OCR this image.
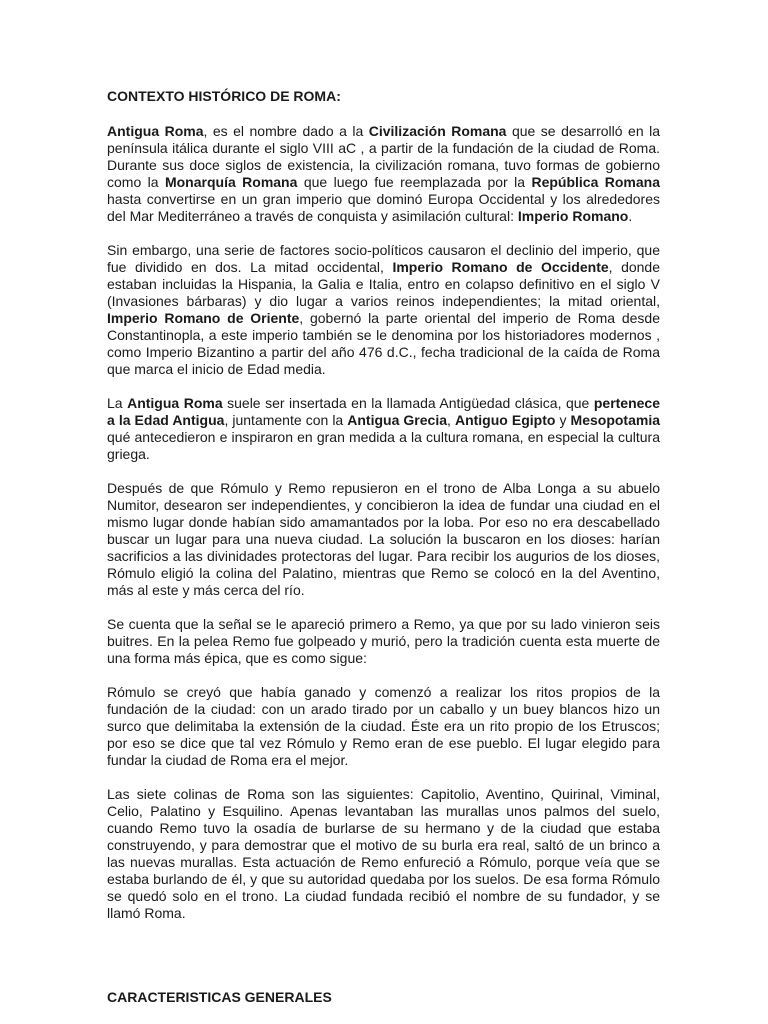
CONTEXTO HISTÓRICO DE ROMA:

Antigua Roma, es el nombre dado a la Civilización Romana que se desarrolló en la península itálica durante el siglo VIII aC , a partir de la fundación de la ciudad de Roma. Durante sus doce siglos de existencia, la civilización romana, tuvo formas de gobierno como la Monarquía Romana que luego fue reemplazada por la República Romana hasta convertirse en un gran imperio que dominó Europa Occidental y los alrededores del Mar Mediterráneo a través de conquista y asimilación cultural: Imperio Romano.

Sin embargo, una serie de factores socio-políticos causaron el declinio del imperio, que fue dividido en dos. La mitad occidental, Imperio Romano de Occidente, donde estaban incluidas la Hispania, la Galia e Italia, entro en colapso definitivo en el siglo V (Invasiones bárbaras) y dio lugar a varios reinos independientes; la mitad oriental, Imperio Romano de Oriente, gobernó la parte oriental del imperio de Roma desde Constantinopla, a este imperio también se le denomina por los historiadores modernos , como Imperio Bizantino a partir del año 476 d.C., fecha tradicional de la caída de Roma que marca el inicio de Edad media.

La Antigua Roma suele ser insertada en la llamada Antigüedad clásica, que pertenece a la Edad Antigua, juntamente con la Antigua Grecia, Antiguo Egipto y Mesopotamia qué antecedieron e inspiraron en gran medida a la cultura romana, en especial la cultura griega.

Después de que Rómulo y Remo repusieron en el trono de Alba Longa a su abuelo Numitor, desearon ser independientes, y concibieron la idea de fundar una ciudad en el mismo lugar donde habían sido amamantados por la loba. Por eso no era descabellado buscar un lugar para una nueva ciudad. La solución la buscaron en los dioses: harían sacrificios a las divinidades protectoras del lugar. Para recibir los augurios de los dioses, Rómulo eligió la colina del Palatino, mientras que Remo se colocó en la del Aventino, más al este y más cerca del río.

Se cuenta que la señal se le apareció primero a Remo, ya que por su lado vinieron seis buitres. En la pelea Remo fue golpeado y murió, pero la tradición cuenta esta muerte de una forma más épica, que es como sigue:

Rómulo se creyó que había ganado y comenzó a realizar los ritos propios de la fundación de la ciudad: con un arado tirado por un caballo y un buey blancos hizo un surco que delimitaba la extensión de la ciudad. Éste era un rito propio de los Etruscos; por eso se dice que tal vez Rómulo y Remo eran de ese pueblo. El lugar elegido para fundar la ciudad de Roma era el mejor.

Las siete colinas de Roma son las siguientes: Capitolio, Aventino, Quirinal, Viminal, Celio, Palatino y Esquilino. Apenas levantaban las murallas unos palmos del suelo, cuando Remo tuvo la osadía de burlarse de su hermano y de la ciudad que estaba construyendo, y para demostrar que el motivo de su burla era real, saltó de un brinco a las nuevas murallas. Esta actuación de Remo enfureció a Rómulo, porque veía que se estaba burlando de él, y que su autoridad quedaba por los suelos. De esa forma Rómulo se quedó solo en el trono. La ciudad fundada recibió el nombre de su fundador, y se llamó Roma.

CARACTERISTICAS GENERALES
